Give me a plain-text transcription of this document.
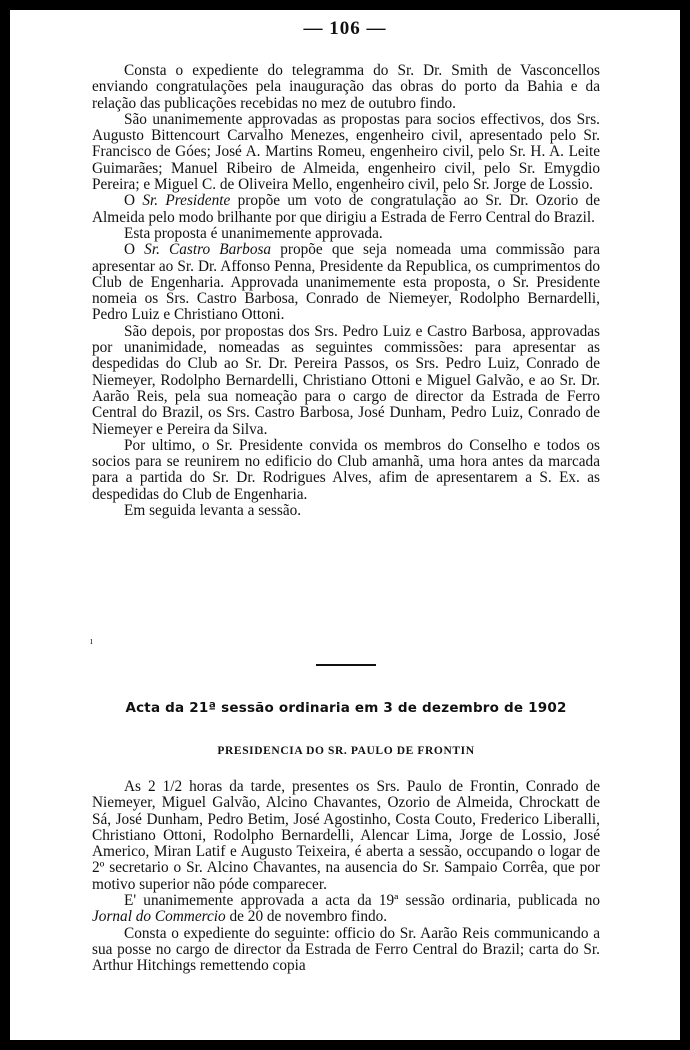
— 106 —

Consta o expediente do telegramma do Sr. Dr. Smith de Vasconcellos enviando congratulações pela inauguração das obras do porto da Bahia e da relação das publicações recebidas no mez de outubro findo.

São unanimemente approvadas as propostas para socios effectivos, dos Srs. Augusto Bittencourt Carvalho Menezes, engenheiro civil, apresentado pelo Sr. Francisco de Góes; José A. Martins Romeu, engenheiro civil, pelo Sr. H. A. Leite Guimarães; Manuel Ribeiro de Almeida, engenheiro civil, pelo Sr. Emygdio Pereira; e Miguel C. de Oliveira Mello, engenheiro civil, pelo Sr. Jorge de Lossio.

O Sr. Presidente propõe um voto de congratulação ao Sr. Dr. Ozorio de Almeida pelo modo brilhante por que dirigiu a Estrada de Ferro Central do Brazil.

Esta proposta é unanimemente approvada.

O Sr. Castro Barbosa propõe que seja nomeada uma commissão para apresentar ao Sr. Dr. Affonso Penna, Presidente da Republica, os cumprimentos do Club de Engenharia. Approvada unanimemente esta proposta, o Sr. Presidente nomeia os Srs. Castro Barbosa, Conrado de Niemeyer, Rodolpho Bernardelli, Pedro Luiz e Christiano Ottoni.

São depois, por propostas dos Srs. Pedro Luiz e Castro Barbosa, approvadas por unanimidade, nomeadas as seguintes commissões: para apresentar as despedidas do Club ao Sr. Dr. Pereira Passos, os Srs. Pedro Luiz, Conrado de Niemeyer, Rodolpho Bernardelli, Christiano Ottoni e Miguel Galvão, e ao Sr. Dr. Aarão Reis, pela sua nomeação para o cargo de director da Estrada de Ferro Central do Brazil, os Srs. Castro Barbosa, José Dunham, Pedro Luiz, Conrado de Niemeyer e Pereira da Silva.

Por ultimo, o Sr. Presidente convida os membros do Conselho e todos os socios para se reunirem no edificio do Club amanhã, uma hora antes da marcada para a partida do Sr. Dr. Rodrigues Alves, afim de apresentarem a S. Ex. as despedidas do Club de Engenharia.

Em seguida levanta a sessão.

ı
Acta da 21ª sessão ordinaria em 3 de dezembro de 1902
PRESIDENCIA DO SR. PAULO DE FRONTIN

As 2 1/2 horas da tarde, presentes os Srs. Paulo de Frontin, Conrado de Niemeyer, Miguel Galvão, Alcino Chavantes, Ozorio de Almeida, Chrockatt de Sá, José Dunham, Pedro Betim, José Agostinho, Costa Couto, Frederico Liberalli, Christiano Ottoni, Rodolpho Bernardelli, Alencar Lima, Jorge de Lossio, José Americo, Miran Latif e Augusto Teixeira, é aberta a sessão, occupando o logar de 2º secretario o Sr. Alcino Chavantes, na ausencia do Sr. Sampaio Corrêa, que por motivo superior não póde comparecer.

E' unanimemente approvada a acta da 19ª sessão ordinaria, publicada no Jornal do Commercio de 20 de novembro findo.

Consta o expediente do seguinte: officio do Sr. Aarão Reis communicando a sua posse no cargo de director da Estrada de Ferro Central do Brazil; carta do Sr. Arthur Hitchings remettendo copia
